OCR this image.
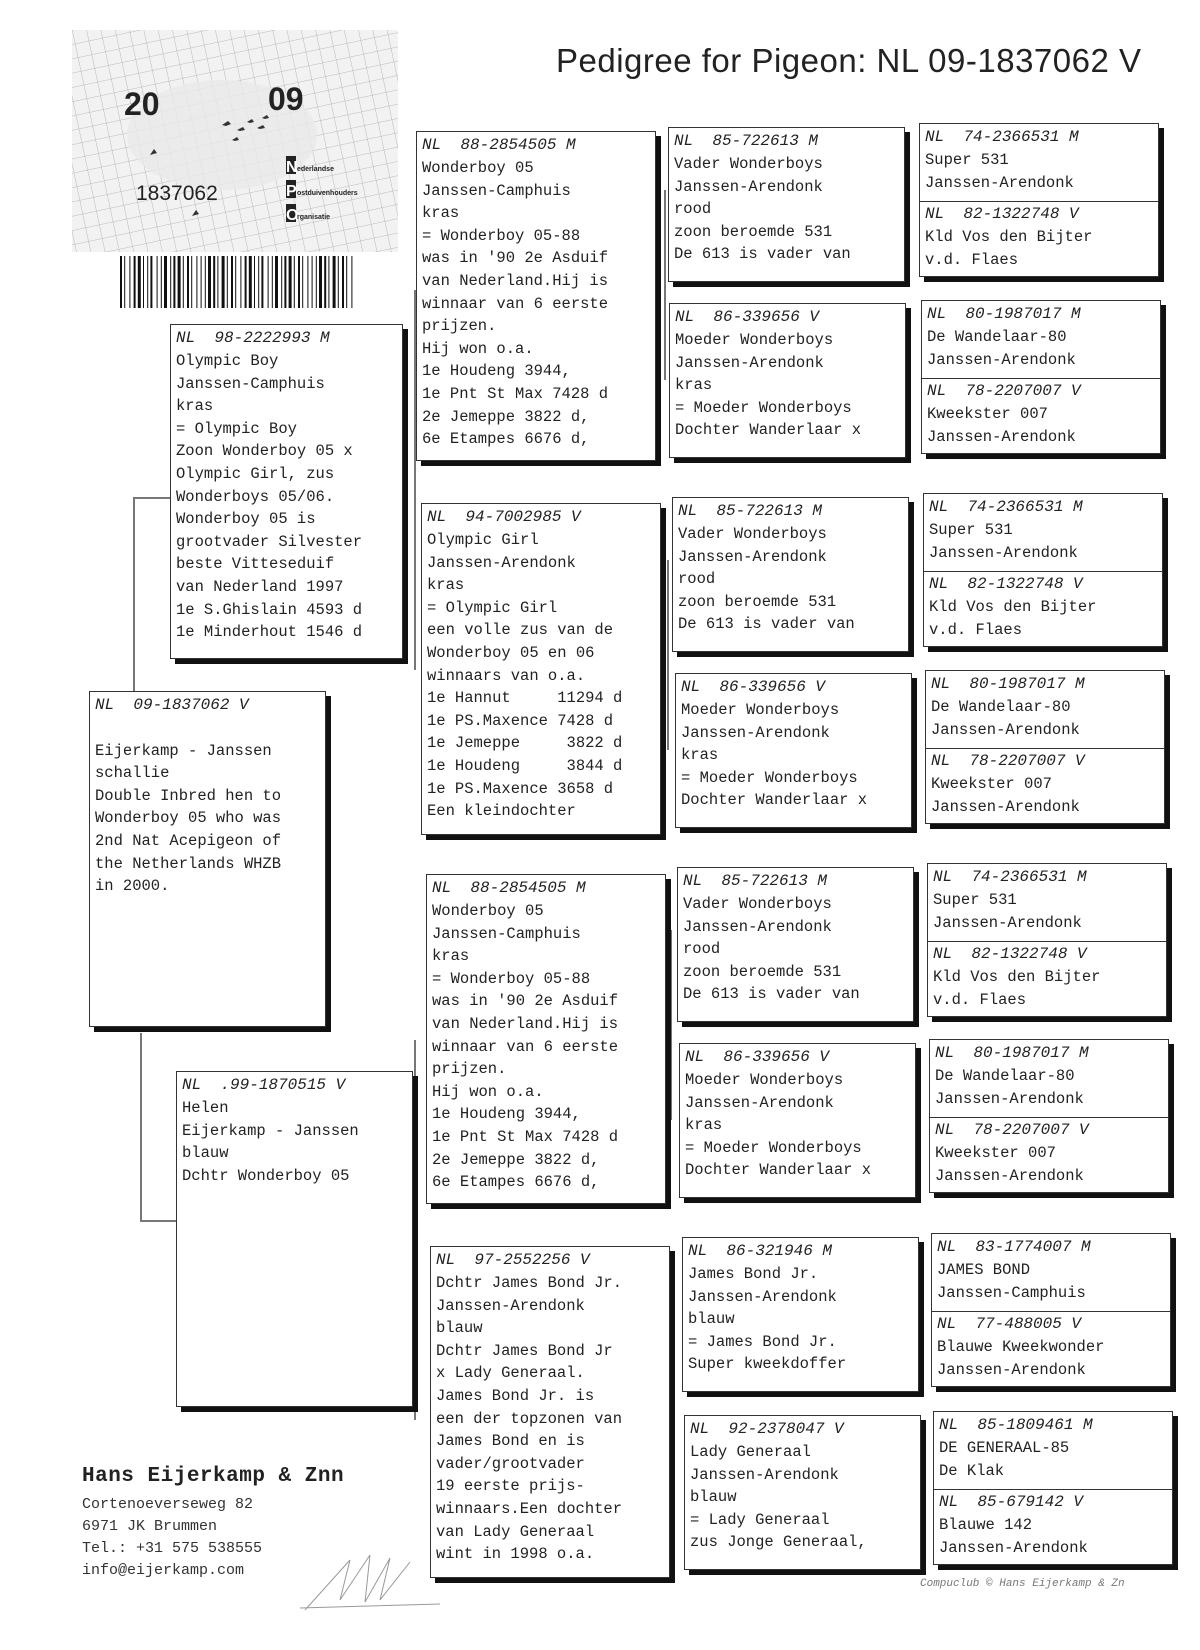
Pedigree for Pigeon: NL 09-1837062 V
20	09
1837062
N ederlandse
P ostduivenhouders
O
rganisatie
NL  09-1837062 V

Eijerkamp - Janssen
schallie
Double Inbred hen to
Wonderboy 05 who was
2nd Nat Acepigeon of
the Netherlands WHZB
in 2000.
NL  98-2222993 M
Olympic Boy
Janssen-Camphuis
kras
= Olympic Boy
Zoon Wonderboy 05 x
Olympic Girl, zus
Wonderboys 05/06.
Wonderboy 05 is
grootvader Silvester
beste Vitteseduif
van Nederland 1997
1e S.Ghislain 4593 d
1e Minderhout 1546 d
NL  .99-1870515 V
Helen
Eijerkamp - Janssen
blauw
Dchtr Wonderboy 05
NL  88-2854505 M
Wonderboy 05
Janssen-Camphuis
kras
= Wonderboy 05-88
was in '90 2e Asduif
van Nederland.Hij is
winnaar van 6 eerste
prijzen.
Hij won o.a.
1e Houdeng 3944,
1e Pnt St Max 7428 d
2e Jemeppe 3822 d,
6e Etampes 6676 d,
NL  94-7002985 V
Olympic Girl
Janssen-Arendonk
kras
= Olympic Girl
een volle zus van de
Wonderboy 05 en 06
winnaars van o.a.
1e Hannut     11294 d
1e PS.Maxence 7428 d
1e Jemeppe     3822 d
1e Houdeng     3844 d
1e PS.Maxence 3658 d
Een kleindochter
NL  88-2854505 M
Wonderboy 05
Janssen-Camphuis
kras
= Wonderboy 05-88
was in '90 2e Asduif
van Nederland.Hij is
winnaar van 6 eerste
prijzen.
Hij won o.a.
1e Houdeng 3944,
1e Pnt St Max 7428 d
2e Jemeppe 3822 d,
6e Etampes 6676 d,
NL  97-2552256 V
Dchtr James Bond Jr.
Janssen-Arendonk
blauw
Dchtr James Bond Jr
x Lady Generaal.
James Bond Jr. is
een der topzonen van
James Bond en is
vader/grootvader
19 eerste prijs-
winnaars.Een dochter
van Lady Generaal
wint in 1998 o.a.
NL  85-722613 M
Vader Wonderboys
Janssen-Arendonk
rood
zoon beroemde 531
De 613 is vader van
NL  86-339656 V
Moeder Wonderboys
Janssen-Arendonk
kras
= Moeder Wonderboys
Dochter Wanderlaar x
NL  85-722613 M
Vader Wonderboys
Janssen-Arendonk
rood
zoon beroemde 531
De 613 is vader van
NL  86-339656 V
Moeder Wonderboys
Janssen-Arendonk
kras
= Moeder Wonderboys
Dochter Wanderlaar x
NL  85-722613 M
Vader Wonderboys
Janssen-Arendonk
rood
zoon beroemde 531
De 613 is vader van
NL  86-339656 V
Moeder Wonderboys
Janssen-Arendonk
kras
= Moeder Wonderboys
Dochter Wanderlaar x
NL  86-321946 M
James Bond Jr.
Janssen-Arendonk
blauw
= James Bond Jr.
Super kweekdoffer
NL  92-2378047 V
Lady Generaal
Janssen-Arendonk
blauw
= Lady Generaal
zus Jonge Generaal,
NL  74-2366531 M
Super 531
Janssen-Arendonk
NL  82-1322748 V
Kld Vos den Bijter
v.d. Flaes
NL  80-1987017 M
De Wandelaar-80
Janssen-Arendonk
NL  78-2207007 V
Kweekster 007
Janssen-Arendonk
NL  74-2366531 M
Super 531
Janssen-Arendonk
NL  82-1322748 V
Kld Vos den Bijter
v.d. Flaes
NL  80-1987017 M
De Wandelaar-80
Janssen-Arendonk
NL  78-2207007 V
Kweekster 007
Janssen-Arendonk
NL  74-2366531 M
Super 531
Janssen-Arendonk
NL  82-1322748 V
Kld Vos den Bijter
v.d. Flaes
NL  80-1987017 M
De Wandelaar-80
Janssen-Arendonk
NL  78-2207007 V
Kweekster 007
Janssen-Arendonk
NL  83-1774007 M
JAMES BOND
Janssen-Camphuis
NL  77-488005 V
Blauwe Kweekwonder
Janssen-Arendonk
NL  85-1809461 M
DE GENERAAL-85
De Klak
NL  85-679142 V
Blauwe 142
Janssen-Arendonk
Hans Eijerkamp & Znn
Cortenoeverseweg 82
6971 JK Brummen
Tel.: +31 575 538555
info@eijerkamp.com
Compuclub © Hans Eijerkamp & Zn
